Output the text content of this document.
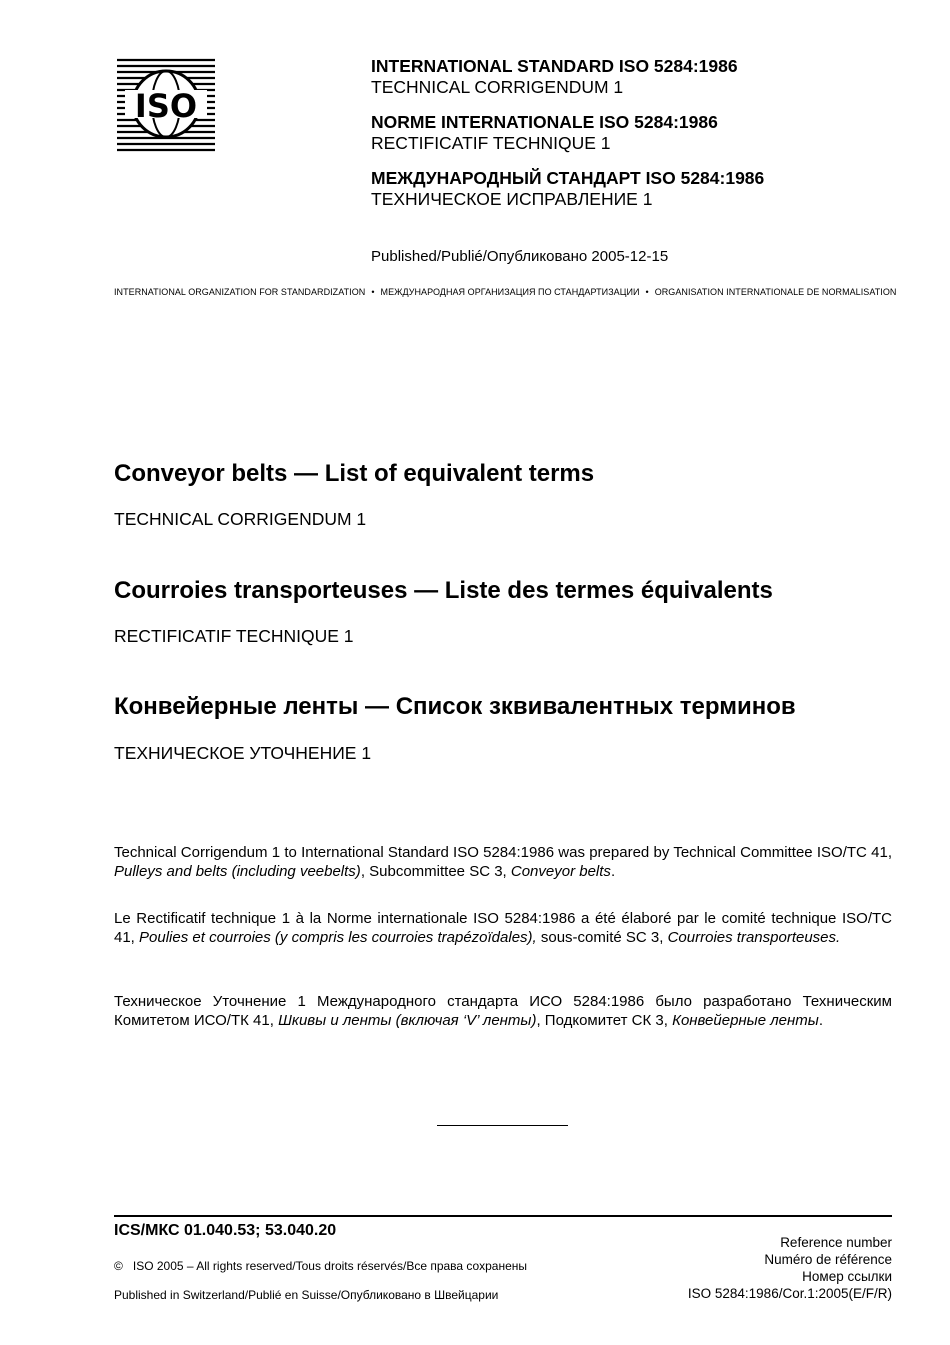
ISO
INTERNATIONAL STANDARD ISO 5284:1986
TECHNICAL CORRIGENDUM 1
NORME INTERNATIONALE ISO 5284:1986
RECTIFICATIF TECHNIQUE 1
МЕЖДУНАРОДНЫЙ СТАНДАРТ ISO 5284:1986
ТЕХНИЧЕСКОЕ ИСПРАВЛЕНИЕ 1
Published/Publié/Опубликовано 2005-12-15
INTERNATIONAL ORGANIZATION FOR STANDARDIZATION • МЕЖДУНАРОДНАЯ ОРГАНИЗАЦИЯ ПО СТАНДАРТИЗАЦИИ • ORGANISATION INTERNATIONALE DE NORMALISATION
Conveyor belts — List of equivalent terms
TECHNICAL CORRIGENDUM 1
Courroies transporteuses — Liste des termes équivalents
RECTIFICATIF TECHNIQUE 1
Конвейерные ленты — Список зквивалентных терминов
ТЕХНИЧЕСКОЕ УТОЧНЕНИЕ 1
Technical Corrigendum 1 to International Standard ISO 5284:1986 was prepared by Technical Committee ISO/TC 41, Pulleys and belts (including veebelts), Subcommittee SC 3, Conveyor belts.
Le Rectificatif technique 1 à la Norme internationale ISO 5284:1986 a été élaboré par le comité technique ISO/TC 41, Poulies et courroies (y compris les courroies trapézoïdales), sous-comité SC 3, Courroies transporteuses.
Техническое Уточнение 1 Международного стандарта ИСО 5284:1986 было разработано Техническим Комитетом ИСО/ТК 41, Шкивы и ленты (включая ‘V’ ленты), Подкомитет СК 3, Конвейерные ленты.
ICS/МКС 01.040.53; 53.040.20
© ISO 2005 – All rights reserved/Tous droits réservés/Все права сохранены
Published in Switzerland/Publié en Suisse/Опубликовано в Швейцарии
Reference number
Numéro de référence
Номер ссылки
ISO 5284:1986/Cor.1:2005(E/F/R)
